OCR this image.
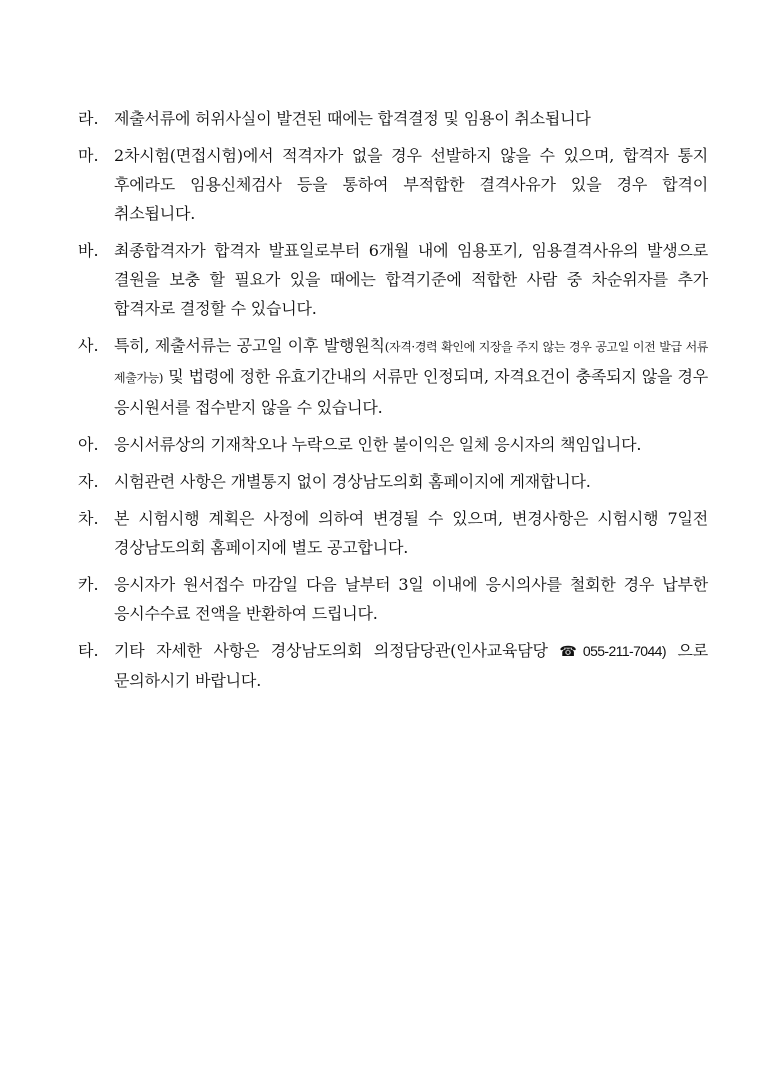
라. 제출서류에 허위사실이 발견된 때에는 합격결정 및 임용이 취소됩니다
마. 2차시험(면접시험)에서 적격자가 없을 경우 선발하지 않을 수 있으며, 합격자 통지 후에라도 임용신체검사 등을 통하여 부적합한 결격사유가 있을 경우 합격이 취소됩니다.
바. 최종합격자가 합격자 발표일로부터 6개월 내에 임용포기, 임용결격사유의 발생으로 결원을 보충 할 필요가 있을 때에는 합격기준에 적합한 사람 중 차순위자를 추가 합격자로 결정할 수 있습니다.
사. 특히, 제출서류는 공고일 이후 발행원칙(자격·경력 확인에 지장을 주지 않는 경우 공고일 이전 발급 서류 제출가능) 및 법령에 정한 유효기간내의 서류만 인정되며, 자격요건이 충족되지 않을 경우 응시원서를 접수받지 않을 수 있습니다.
아. 응시서류상의 기재착오나 누락으로 인한 불이익은 일체 응시자의 책임입니다.
자. 시험관련 사항은 개별통지 없이 경상남도의회 홈페이지에 게재합니다.
차. 본 시험시행 계획은 사정에 의하여 변경될 수 있으며, 변경사항은 시험시행 7일전 경상남도의회 홈페이지에 별도 공고합니다.
카. 응시자가 원서접수 마감일 다음 날부터 3일 이내에 응시의사를 철회한 경우 납부한 응시수수료 전액을 반환하여 드립니다.
타. 기타 자세한 사항은 경상남도의회 의정담당관(인사교육담당 ☎055-211-7044) 으로 문의하시기 바랍니다.
